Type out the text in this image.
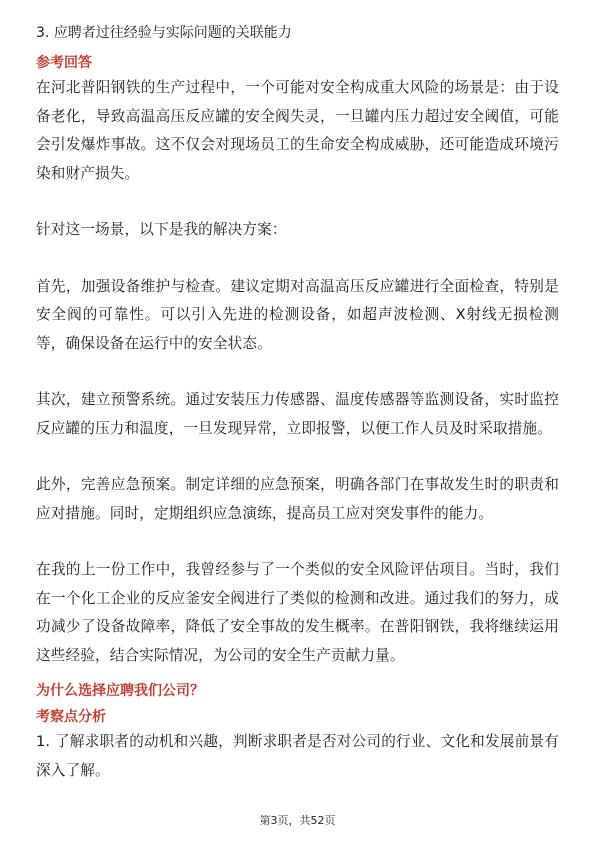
3. 应聘者过往经验与实际问题的关联能力

参考回答

在河北普阳钢铁的生产过程中，一个可能对安全构成重大风险的场景是：由于设备老化，导致高温高压反应罐的安全阀失灵，一旦罐内压力超过安全阈值，可能会引发爆炸事故。这不仅会对现场员工的生命安全构成威胁，还可能造成环境污染和财产损失。

针对这一场景，以下是我的解决方案：

首先，加强设备维护与检查。建议定期对高温高压反应罐进行全面检查，特别是安全阀的可靠性。可以引入先进的检测设备，如超声波检测、X射线无损检测等，确保设备在运行中的安全状态。

其次，建立预警系统。通过安装压力传感器、温度传感器等监测设备，实时监控反应罐的压力和温度，一旦发现异常，立即报警，以便工作人员及时采取措施。

此外，完善应急预案。制定详细的应急预案，明确各部门在事故发生时的职责和应对措施。同时，定期组织应急演练，提高员工应对突发事件的能力。

在我的上一份工作中，我曾经参与了一个类似的安全风险评估项目。当时，我们在一个化工企业的反应釜安全阀进行了类似的检测和改进。通过我们的努力，成功减少了设备故障率，降低了安全事故的发生概率。在普阳钢铁，我将继续运用这些经验，结合实际情况，为公司的安全生产贡献力量。

为什么选择应聘我们公司？

考察点分析

1. 了解求职者的动机和兴趣，判断求职者是否对公司的行业、文化和发展前景有深入了解。

第3页，共52页
